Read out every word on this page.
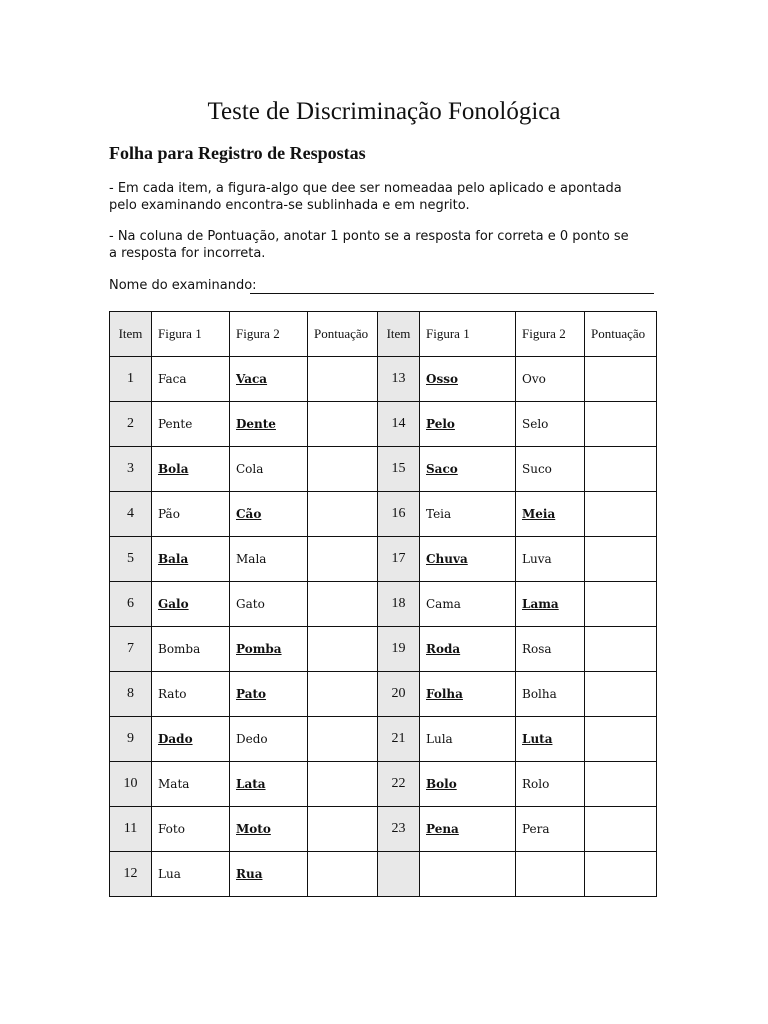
Teste de Discriminação Fonológica
Folha para Registro de Respostas
- Em cada item, a figura-algo que dee ser nomeadaa pelo aplicado e apontada pelo examinando encontra-se sublinhada e em negrito.
- Na coluna de Pontuação, anotar 1 ponto se a resposta for correta e 0 ponto se a resposta for incorreta.
Nome do examinando:
Item	Figura 1	Figura 2	Pontuação	Item	Figura 1	Figura 2	Pontuação
1	Faca	Vaca		13	Osso	Ovo	
2	Pente	Dente		14	Pelo	Selo	
3	Bola	Cola		15	Saco	Suco	
4	Pão	Cão		16	Teia	Meia	
5	Bala	Mala		17	Chuva	Luva	
6	Galo	Gato		18	Cama	Lama	
7	Bomba	Pomba		19	Roda	Rosa	
8	Rato	Pato		20	Folha	Bolha	
9	Dado	Dedo		21	Lula	Luta	
10	Mata	Lata		22	Bolo	Rolo	
11	Foto	Moto		23	Pena	Pera	
12	Lua	Rua					
